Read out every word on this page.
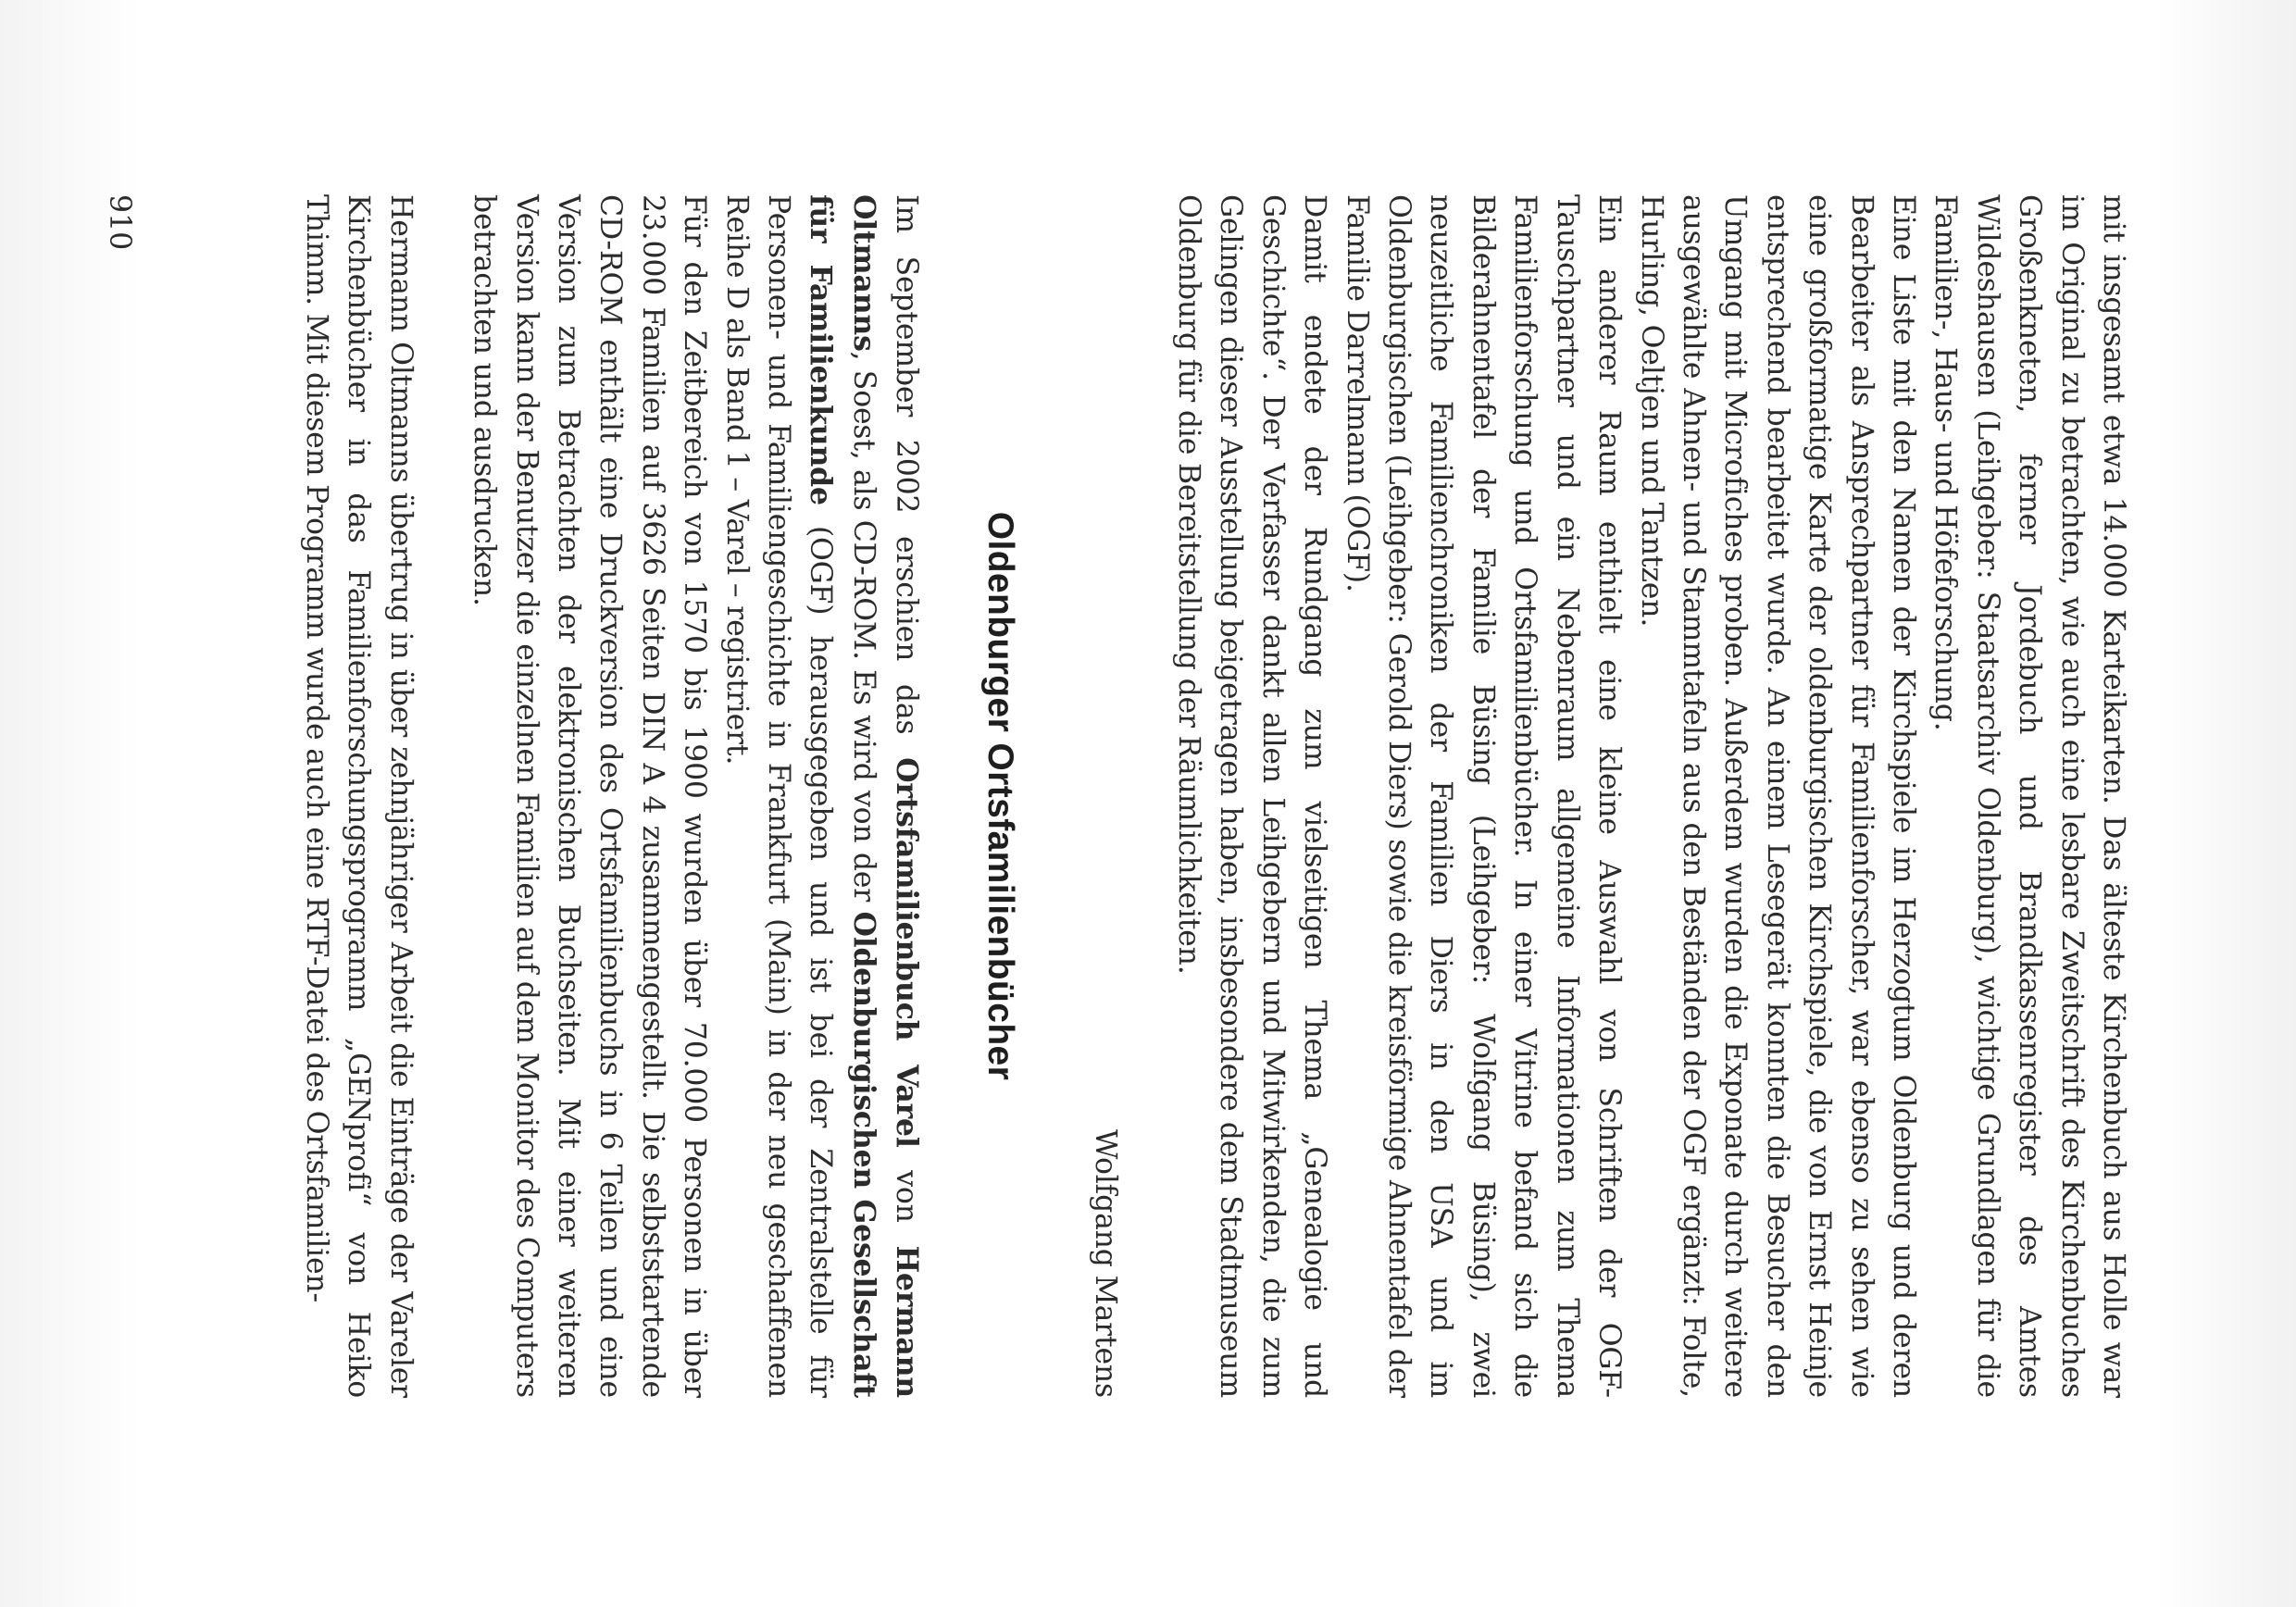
mit insgesamt etwa 14.000 Karteikarten. Das älteste Kirchenbuch aus Holle war im Original zu betrachten, wie auch eine lesbare Zweitschrift des Kirchenbuches Großenkneten, ferner Jordebuch und Brandkassenregister des Amtes Wildeshausen (Leihgeber: Staatsarchiv Oldenburg), wichtige Grundlagen für die Familien-, Haus- und Höfeforschung.

Eine Liste mit den Namen der Kirchspiele im Herzogtum Oldenburg und deren Bearbeiter als Ansprechpartner für Familienforscher, war ebenso zu sehen wie eine großformatige Karte der oldenburgischen Kirchspiele, die von Ernst Heinje entsprechend bearbeitet wurde. An einem Lesegerät konnten die Besucher den Umgang mit Microfiches proben. Außerdem wurden die Exponate durch weitere ausgewählte Ahnen- und Stammtafeln aus den Beständen der OGF ergänzt: Folte, Hurling, Oeltjen und Tantzen.

Ein anderer Raum enthielt eine kleine Auswahl von Schriften der OGF-Tauschpartner und ein Nebenraum allgemeine Informationen zum Thema Familienforschung und Ortsfamilienbücher. In einer Vitrine befand sich die Bilderahnentafel der Familie Büsing (Leihgeber: Wolfgang Büsing), zwei neuzeitliche Familienchroniken der Familien Diers in den USA und im Oldenburgischen (Leihgeber: Gerold Diers) sowie die kreisförmige Ahnentafel der Familie Darrelmann (OGF).

Damit endete der Rundgang zum vielseitigen Thema „Genealogie und Geschichte“. Der Verfasser dankt allen Leihgebern und Mitwirkenden, die zum Gelingen dieser Ausstellung beigetragen haben, insbesondere dem Stadtmuseum Oldenburg für die Bereitstellung der Räumlichkeiten.

Wolfgang Martens

Oldenburger Ortsfamilienbücher

Im September 2002 erschien das Ortsfamilienbuch Varel von Hermann Oltmanns, Soest, als CD-ROM. Es wird von der Oldenburgischen Gesellschaft für Familienkunde (OGF) herausgegeben und ist bei der Zentralstelle für Personen- und Familiengeschichte in Frankfurt (Main) in der neu geschaffenen Reihe D als Band 1 – Varel – registriert.

Für den Zeitbereich von 1570 bis 1900 wurden über 70.000 Personen in über 23.000 Familien auf 3626 Seiten DIN A 4 zusammengestellt. Die selbststartende CD-ROM enthält eine Druckversion des Ortsfamilienbuchs in 6 Teilen und eine Version zum Betrachten der elektronischen Buchseiten. Mit einer weiteren Version kann der Benutzer die einzelnen Familien auf dem Monitor des Computers betrachten und ausdrucken.

Hermann Oltmanns übertrug in über zehnjähriger Arbeit die Einträge der Vareler Kirchenbücher in das Familienforschungsprogramm „GENprofi“ von Heiko Thimm. Mit diesem Programm wurde auch eine RTF-Datei des Ortsfamilien-

910
